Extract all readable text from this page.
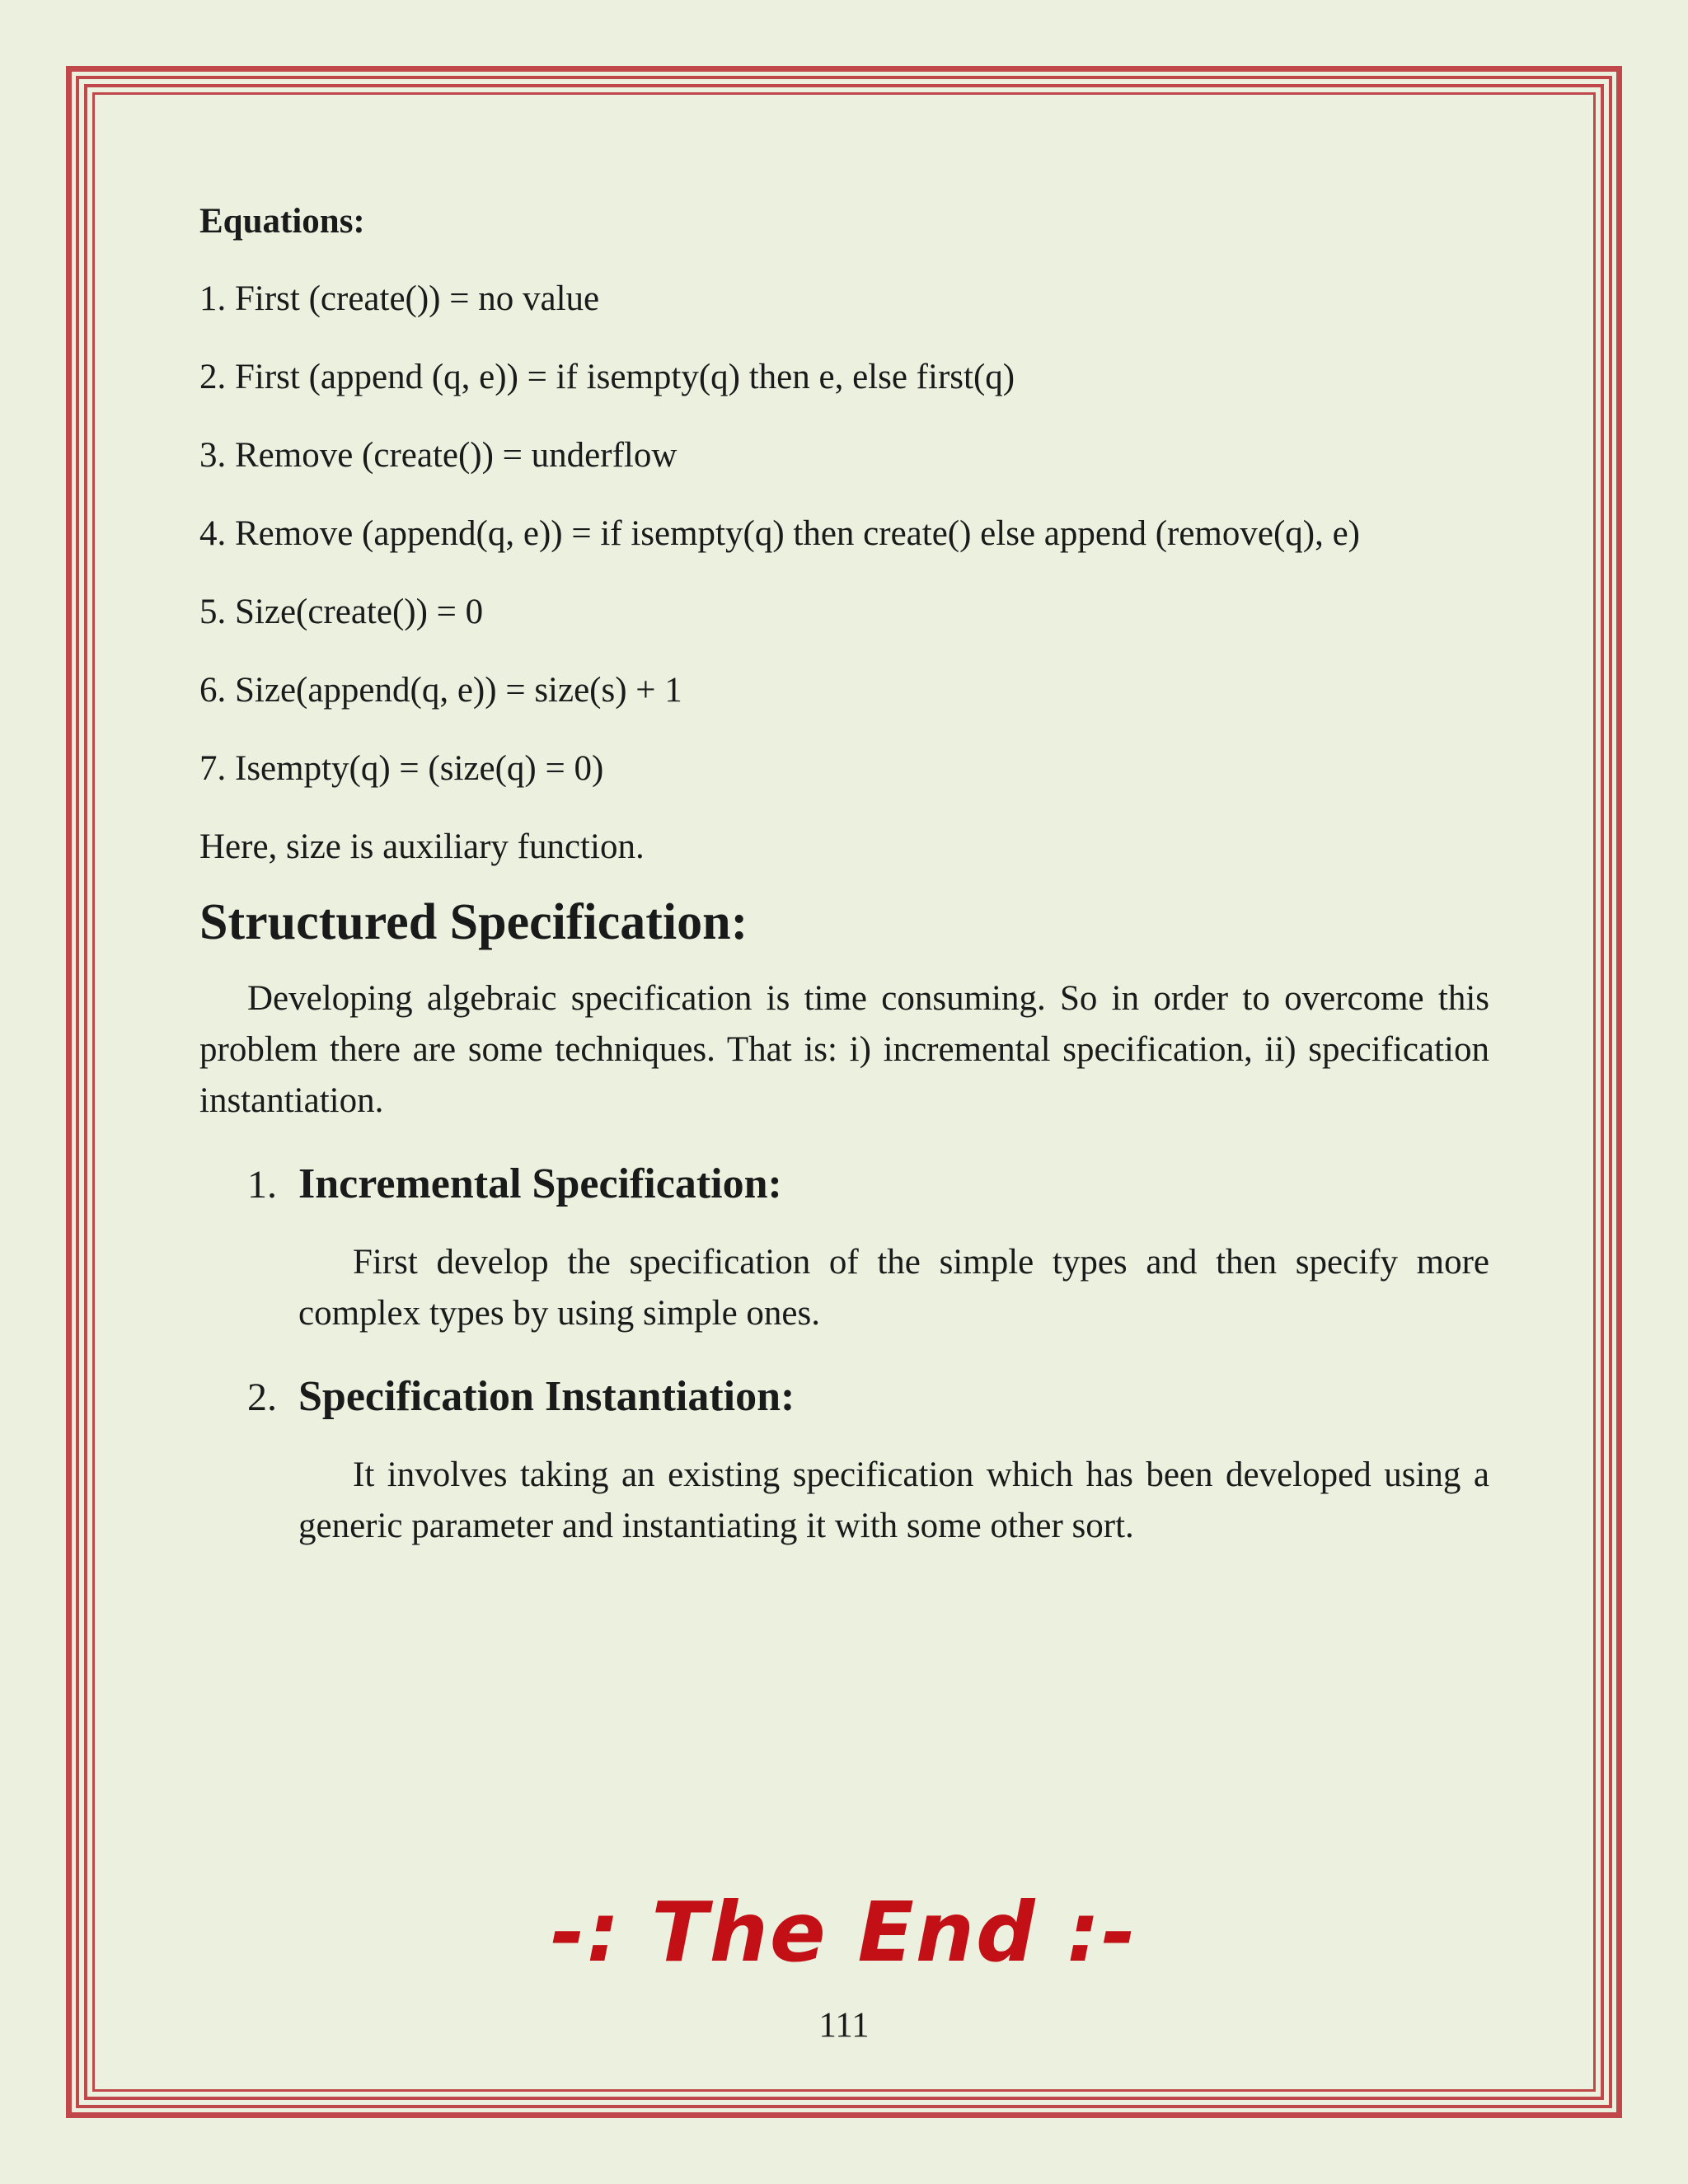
Equations:
1. First (create()) = no value
2. First (append (q, e)) = if isempty(q) then e, else first(q)
3. Remove (create()) = underflow
4. Remove (append(q, e)) = if isempty(q) then create() else append (remove(q), e)
5. Size(create()) = 0
6. Size(append(q, e)) = size(s) + 1
7. Isempty(q) = (size(q) = 0)
Here, size is auxiliary function.
Structured Specification:
Developing algebraic specification is time consuming. So in order to overcome this problem there are some techniques. That is: i) incremental specification, ii) specification instantiation.
1. Incremental Specification:
First develop the specification of the simple types and then specify more complex types by using simple ones.
2. Specification Instantiation:
It involves taking an existing specification which has been developed using a generic parameter and instantiating it with some other sort.
-: The End :-
111
